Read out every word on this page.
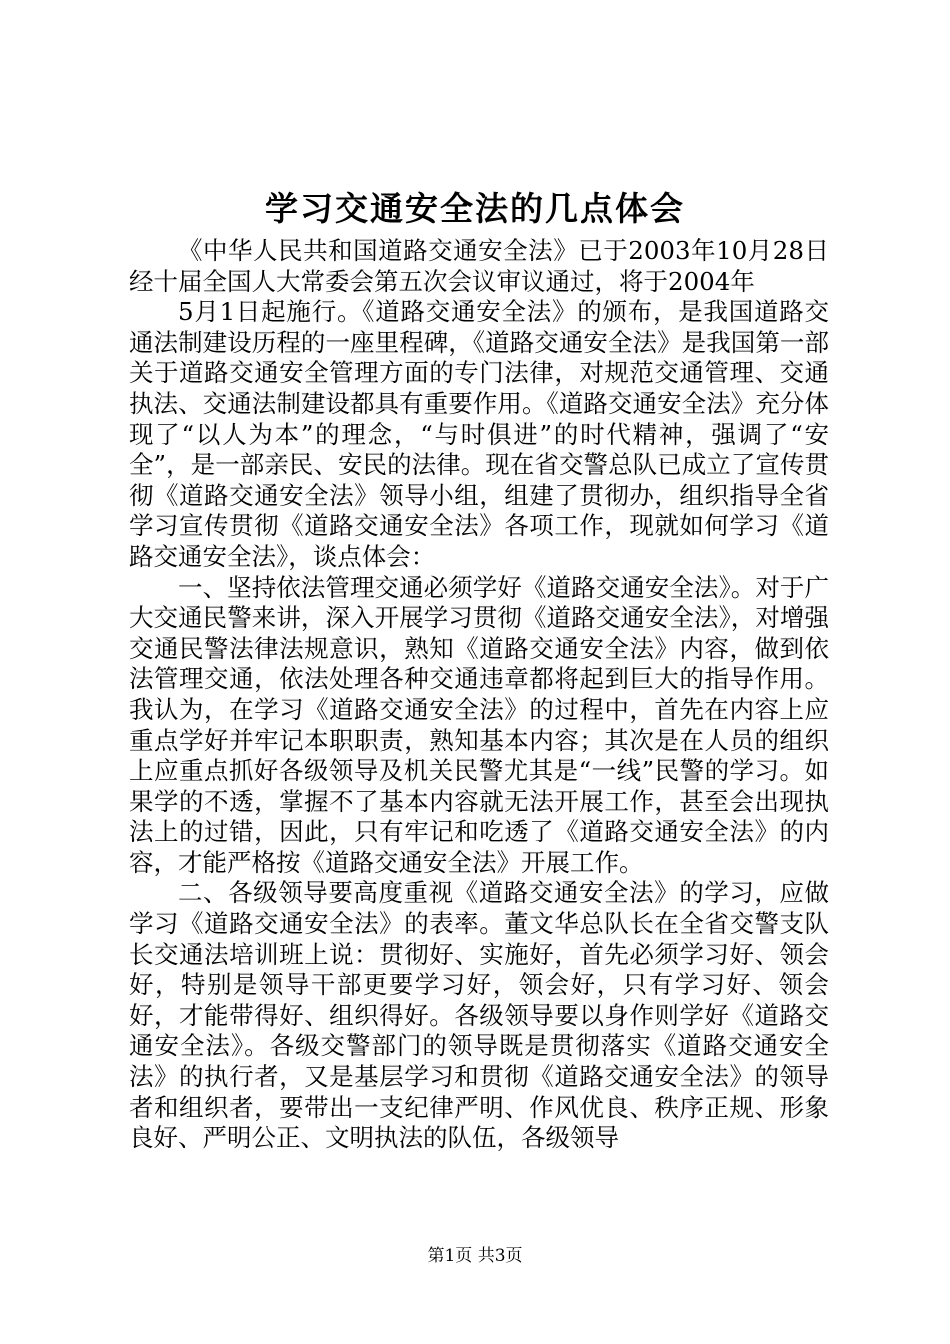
学习交通安全法的几点体会

《中华人民共和国道路交通安全法》已于2003年10月28日经十届全国人大常委会第五次会议审议通过，将于2004年

5月1日起施行。《道路交通安全法》的颁布，是我国道路交通法制建设历程的一座里程碑，《道路交通安全法》是我国第一部关于道路交通安全管理方面的专门法律，对规范交通管理、交通执法、交通法制建设都具有重要作用。《道路交通安全法》充分体现了“以人为本”的理念，“与时俱进”的时代精神，强调了“安全”，是一部亲民、安民的法律。现在省交警总队已成立了宣传贯彻《道路交通安全法》领导小组，组建了贯彻办，组织指导全省学习宣传贯彻《道路交通安全法》各项工作，现就如何学习《道路交通安全法》，谈点体会：

一、坚持依法管理交通必须学好《道路交通安全法》。对于广大交通民警来讲，深入开展学习贯彻《道路交通安全法》，对增强交通民警法律法规意识，熟知《道路交通安全法》内容，做到依法管理交通，依法处理各种交通违章都将起到巨大的指导作用。我认为，在学习《道路交通安全法》的过程中，首先在内容上应重点学好并牢记本职职责，熟知基本内容；其次是在人员的组织上应重点抓好各级领导及机关民警尤其是“一线”民警的学习。如果学的不透，掌握不了基本内容就无法开展工作，甚至会出现执法上的过错，因此，只有牢记和吃透了《道路交通安全法》的内容，才能严格按《道路交通安全法》开展工作。

二、各级领导要高度重视《道路交通安全法》的学习，应做学习《道路交通安全法》的表率。董文华总队长在全省交警支队长交通法培训班上说：贯彻好、实施好，首先必须学习好、领会好，特别是领导干部更要学习好，领会好，只有学习好、领会好，才能带得好、组织得好。各级领导要以身作则学好《道路交通安全法》。各级交警部门的领导既是贯彻落实《道路交通安全法》的执行者，又是基层学习和贯彻《道路交通安全法》的领导者和组织者，要带出一支纪律严明、作风优良、秩序正规、形象良好、严明公正、文明执法的队伍，各级领导

第1页 共3页
